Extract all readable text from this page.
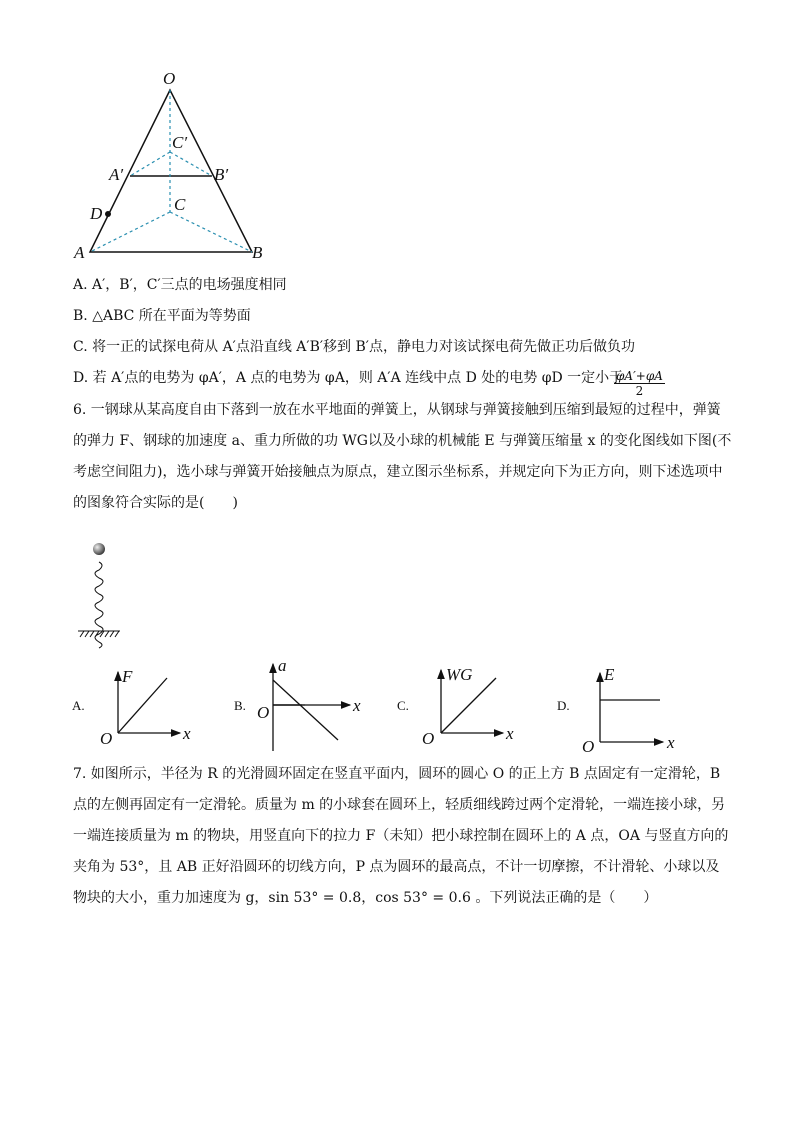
O
C′
A′	B′
D	C
A	B
A.
F
x
O
B.
a
x
O	C.
WG
x
O
D.
E
x
O
A. A′，B′，C′三点的电场强度相同
B. △ABC 所在平面为等势面
C. 将一正的试探电荷从 A′点沿直线 A′B′移到 B′点，静电力对该试探电荷先做正功后做负功
D. 若 A′点的电势为 φA′，A 点的电势为 φA，则 A′A 连线中点 D 处的电势 φD 一定小于
$\frac{\varphi A'+\varphi A}{2}$
6. 一钢球从某高度自由下落到一放在水平地面的弹簧上，从钢球与弹簧接触到压缩到最短的过程中，弹簧
的弹力 F、钢球的加速度 a、重力所做的功 WG以及小球的机械能 E 与弹簧压缩量 x 的变化图线如下图(不
考虑空间阻力)，选小球与弹簧开始接触点为原点，建立图示坐标系，并规定向下为正方向，则下述选项中
的图象符合实际的是(　　)
7. 如图所示，半径为 R 的光滑圆环固定在竖直平面内，圆环的圆心 O 的正上方 B 点固定有一定滑轮，B
点的左侧再固定有一定滑轮。质量为 m 的小球套在圆环上，轻质细线跨过两个定滑轮，一端连接小球，另
一端连接质量为 m 的物块，用竖直向下的拉力 F（未知）把小球控制在圆环上的 A 点，OA 与竖直方向的
夹角为 53°，且 AB 正好沿圆环的切线方向，P 点为圆环的最高点，不计一切摩擦，不计滑轮、小球以及
物块的大小，重力加速度为 g，sin 53° = 0.8，cos 53° = 0.6 。下列说法正确的是（　　）
